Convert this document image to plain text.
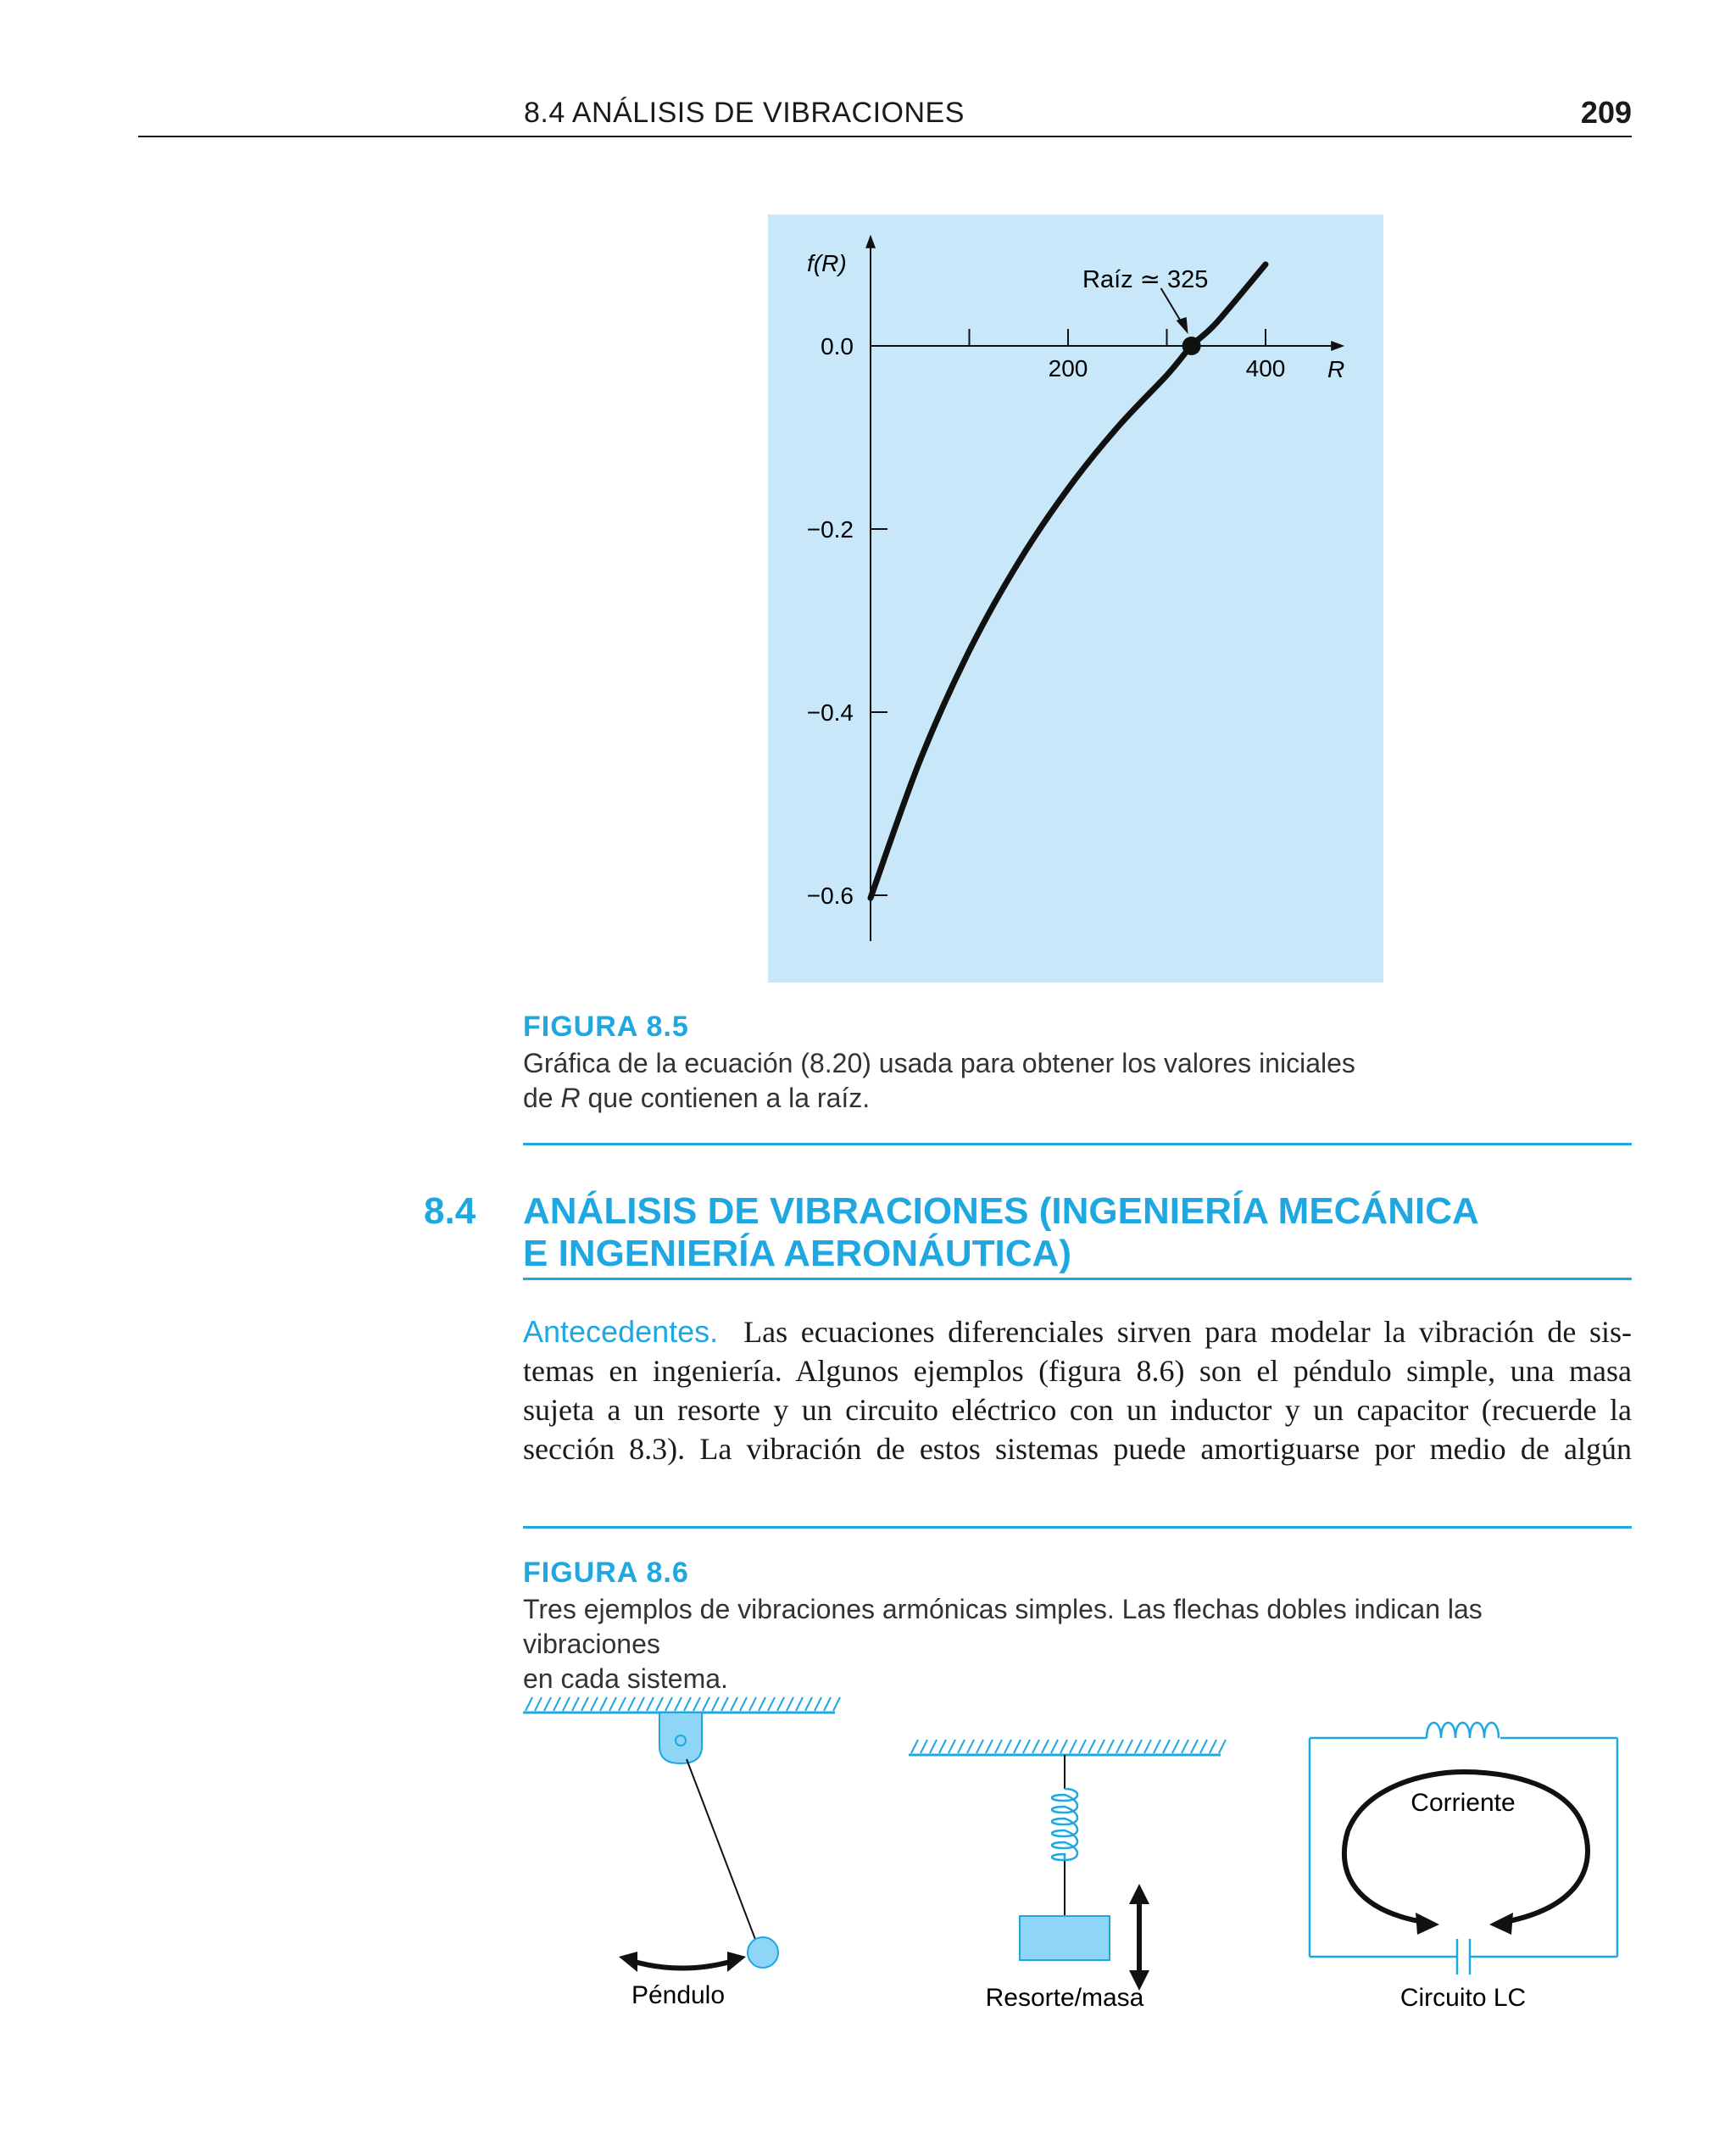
8.4 ANÁLISIS DE VIBRACIONES	209
200	400
0.0
−0.2
−0.4
−0.6
f(R)
R
Raíz ≃ 325
FIGURA 8.5
Gráfica de la ecuación (8.20) usada para obtener los valores iniciales
de R que contienen a la raíz.
8.4 ANÁLISIS DE VIBRACIONES (INGENIERÍA MECÁNICA
E INGENIERÍA AERONÁUTICA)
Antecedentes. Las ecuaciones diferenciales sirven para modelar la vibración de sis-
temas en ingeniería. Algunos ejemplos (figura 8.6) son el péndulo simple, una masa
sujeta a un resorte y un circuito eléctrico con un inductor y un capacitor (recuerde la
sección 8.3). La vibración de estos sistemas puede amortiguarse por medio de algún
FIGURA 8.6
Tres ejemplos de vibraciones armónicas simples. Las flechas dobles indican las vibraciones
en cada sistema.
Péndulo	Resorte/masa
Corriente
Circuito LC
